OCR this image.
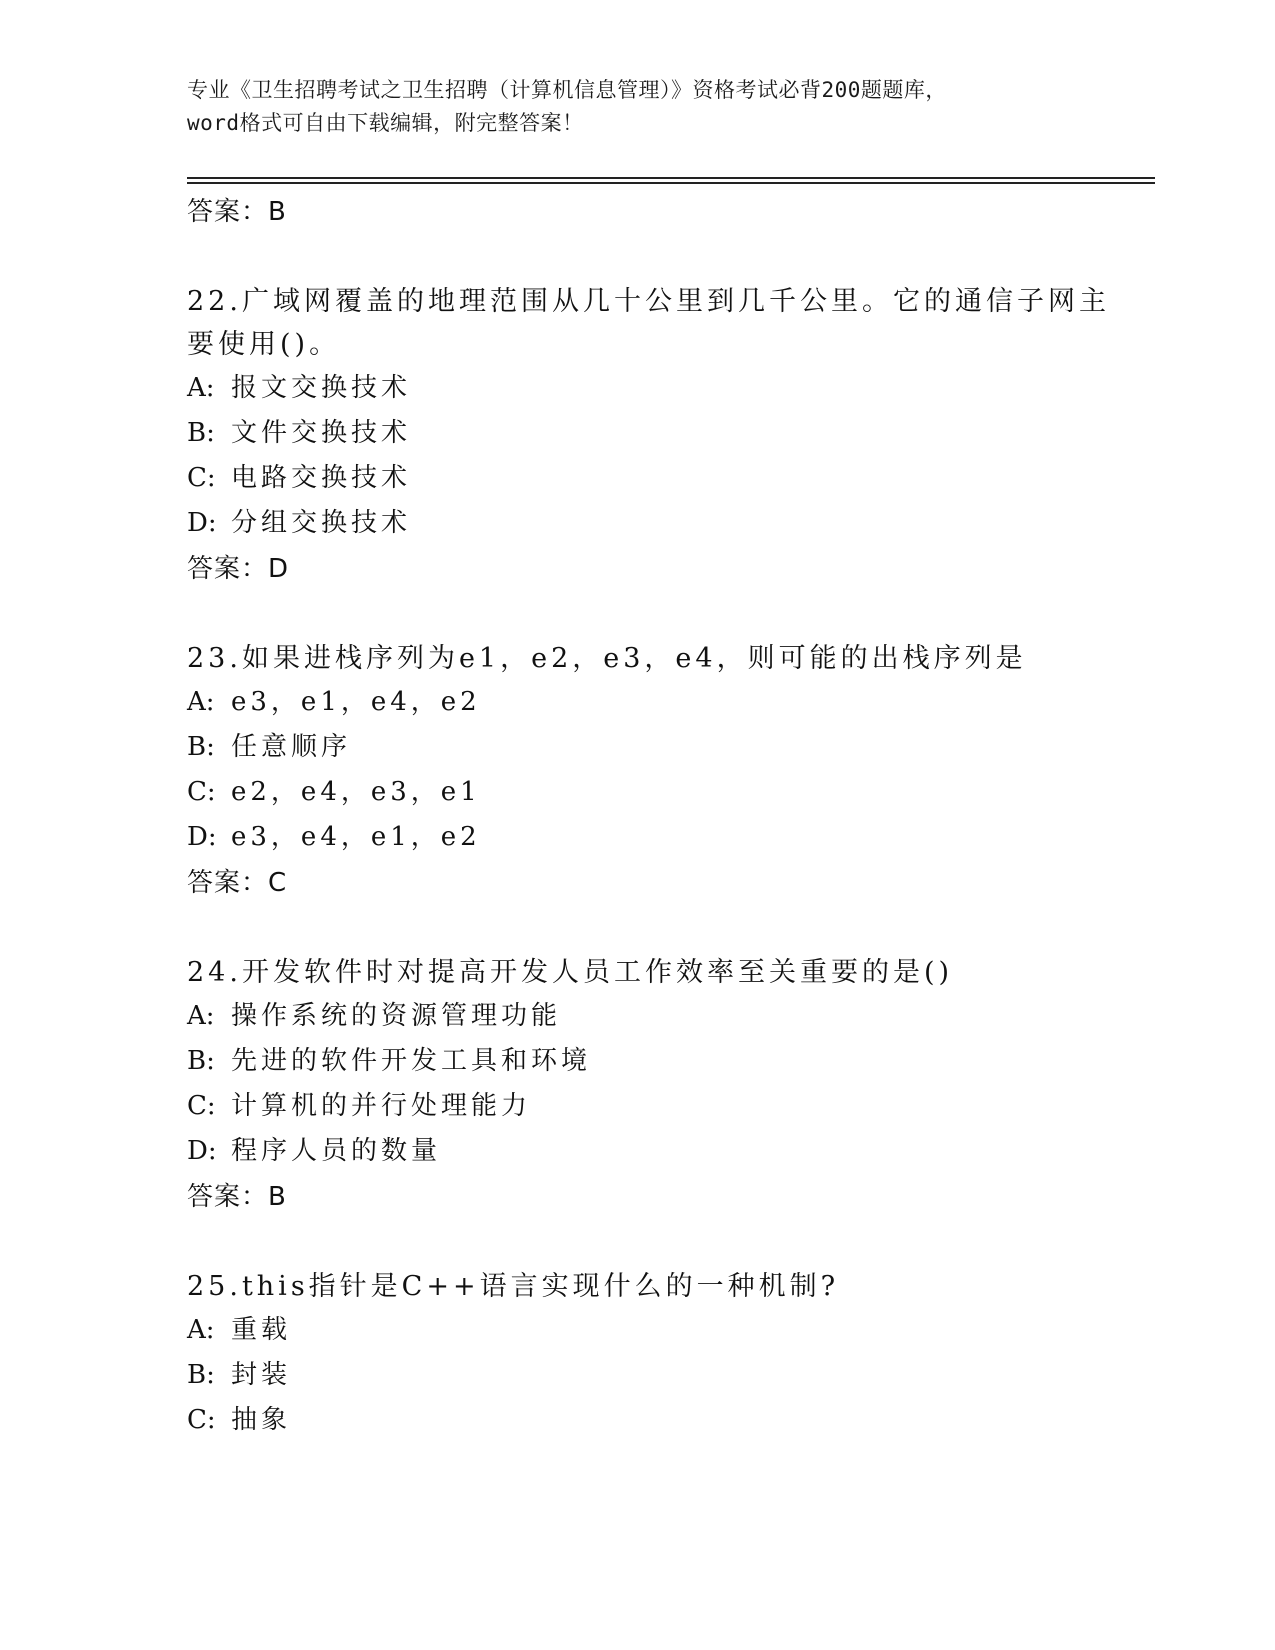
专业《卫生招聘考试之卫生招聘（计算机信息管理）》资格考试必背200题题库，
word格式可自由下载编辑，附完整答案！
答案：B
22.广域网覆盖的地理范围从几十公里到几千公里。它的通信子网主要使用()。
A: 报文交换技术
B: 文件交换技术
C: 电路交换技术
D: 分组交换技术
答案：D
23.如果进栈序列为e1，e2，e3，e4，则可能的出栈序列是
A: e3，e1，e4，e2
B: 任意顺序
C: e2，e4，e3，e1
D: e3，e4，e1，e2
答案：C
24.开发软件时对提高开发人员工作效率至关重要的是()
A: 操作系统的资源管理功能
B: 先进的软件开发工具和环境
C: 计算机的并行处理能力
D: 程序人员的数量
答案：B
25.this指针是C++语言实现什么的一种机制?
A: 重载
B: 封装
C: 抽象
